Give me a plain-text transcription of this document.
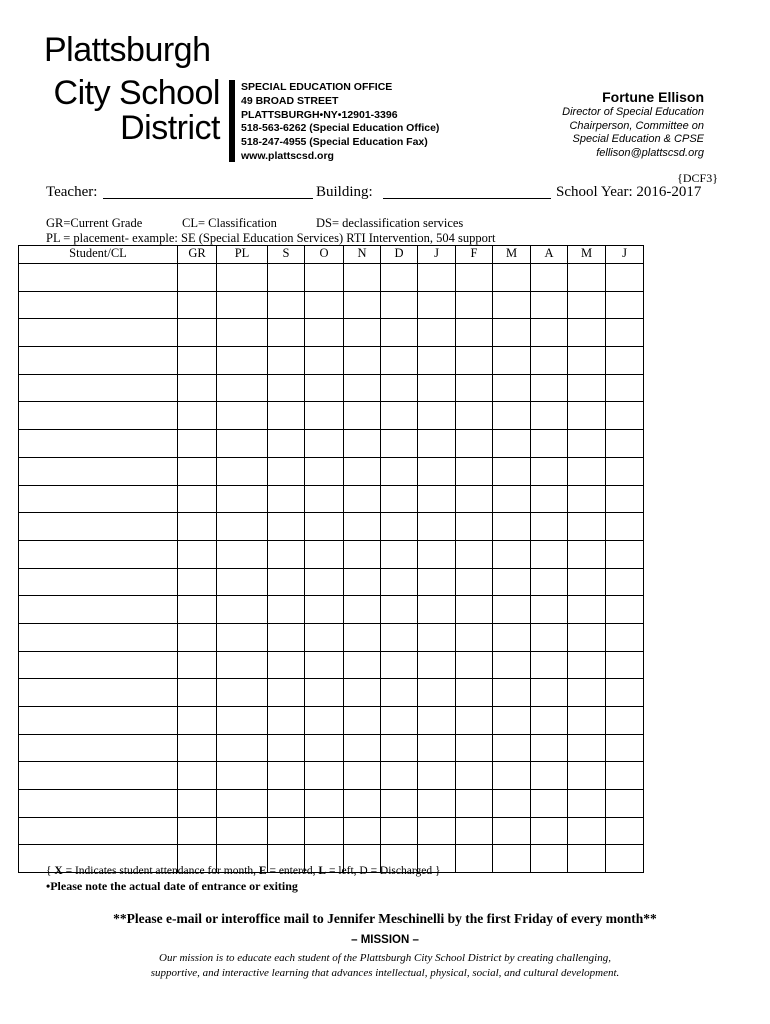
Plattsburgh
City School
District
SPECIAL EDUCATION OFFICE
49 BROAD STREET
PLATTSBURGH•NY•12901-3396
518-563-6262 (Special Education Office)
518-247-4955 (Special Education Fax)
www.plattscsd.org
Fortune Ellison
Director of Special Education
Chairperson, Committee on
Special Education & CPSE
fellison@plattscsd.org
{DCF3}
Teacher:	Building:	School Year: 2016-2017
GR=Current Grade	CL= Classification	DS= declassification services
PL = placement- example: SE (Special Education Services) RTI Intervention, 504 support
Student/CL	GR	PL	S	O	N	D	J	F	M	A	M	J

{ X = Indicates student attendance for month, E = entered, L = left, D = Discharged }
•Please note the actual date of entrance or exiting
**Please e-mail or interoffice mail to Jennifer Meschinelli by the first Friday of every month**
– MISSION –
Our mission is to educate each student of the Plattsburgh City School District by creating challenging,
supportive, and interactive learning that advances intellectual, physical, social, and cultural development.
